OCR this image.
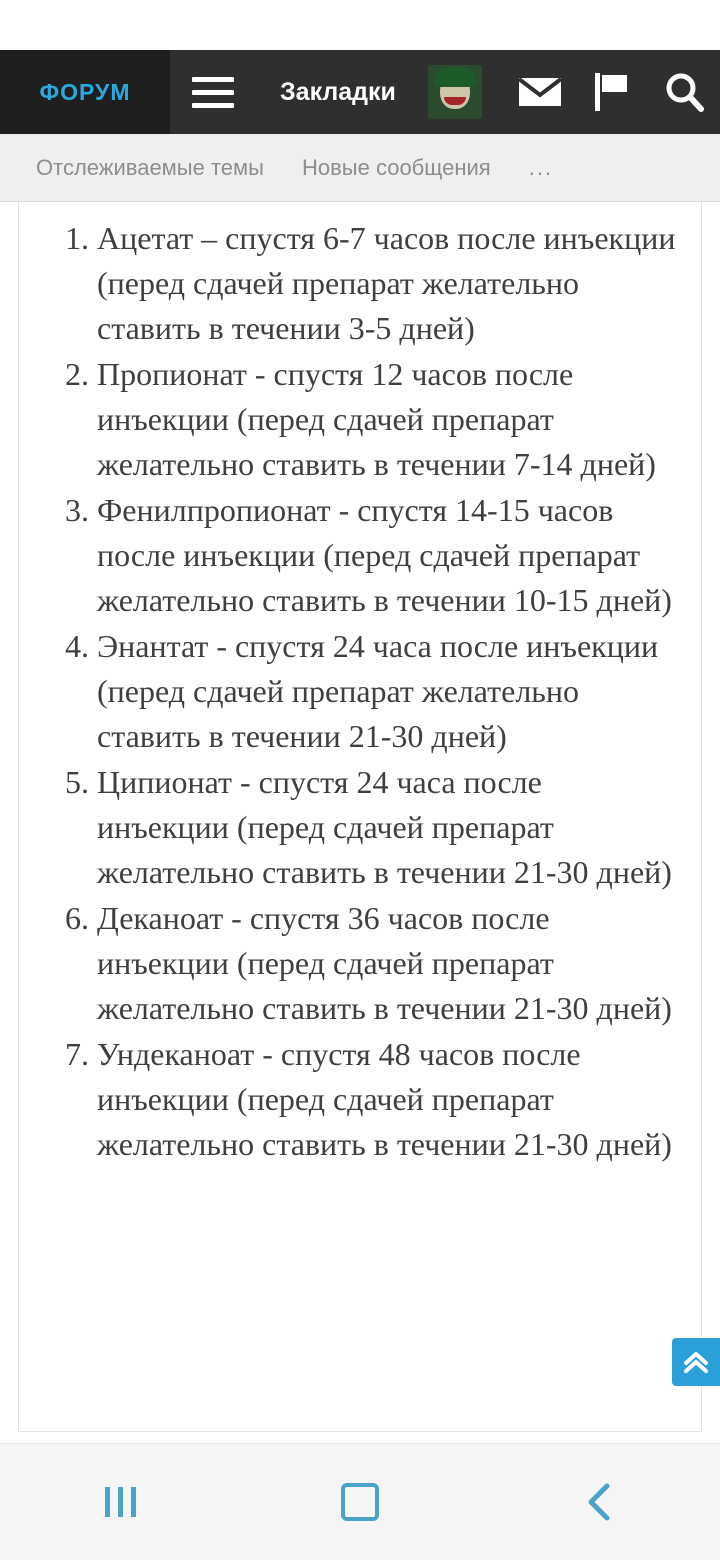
ФОРУМ	Закладки
Отслеживаемые темы Новые сообщения ...
1. Ацетат – спустя 6-7 часов после инъекции (перед сдачей препарат желательно ставить в течении 3-5 дней)
2. Пропионат - спустя 12 часов после инъекции (перед сдачей препарат желательно ставить в течении 7-14 дней)
3. Фенилпропионат - спустя 14-15 часов после инъекции (перед сдачей препарат желательно ставить в течении 10-15 дней)
4. Энантат - спустя 24 часа после инъекции (перед сдачей препарат желательно ставить в течении 21-30 дней)
5. Ципионат - спустя 24 часа после инъекции (перед сдачей препарат желательно ставить в течении 21-30 дней)
6. Деканоат - спустя 36 часов после инъекции (перед сдачей препарат желательно ставить в течении 21-30 дней)
7. Ундеканоат - спустя 48 часов после инъекции (перед сдачей препарат желательно ставить в течении 21-30 дней)
